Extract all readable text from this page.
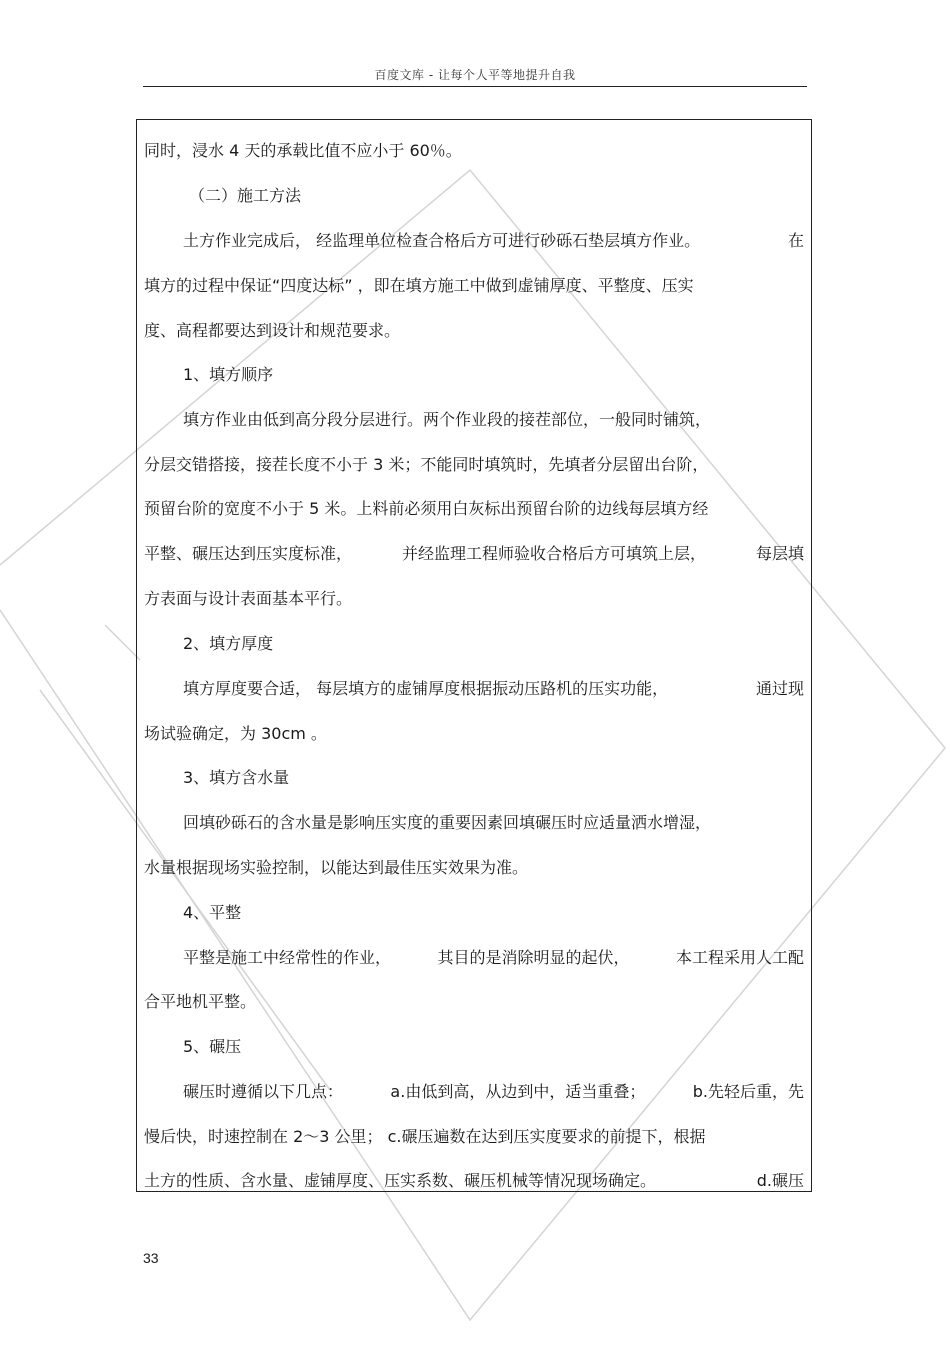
百度文库 - 让每个人平等地提升自我
同时，浸水 4 天的承载比值不应小于 60％。
（二）施工方法
土方作业完成后， 经监理单位检查合格后方可进行砂砾石垫层填方作业。	在
填方的过程中保证“四度达标” ，即在填方施工中做到虚铺厚度、平整度、压实
度、高程都要达到设计和规范要求。
1、填方顺序
填方作业由低到高分段分层进行。两个作业段的接茬部位，一般同时铺筑，
分层交错搭接，接茬长度不小于 3 米；不能同时填筑时，先填者分层留出台阶，
预留台阶的宽度不小于 5 米。上料前必须用白灰标出预留台阶的边线每层填方经
平整、碾压达到压实度标准，	并经监理工程师验收合格后方可填筑上层，	每层填
方表面与设计表面基本平行。
2、填方厚度
填方厚度要合适， 每层填方的虚铺厚度根据振动压路机的压实功能，	通过现
场试验确定，为 30cm 。
3、填方含水量
回填砂砾石的含水量是影响压实度的重要因素回填碾压时应适量洒水增湿，
水量根据现场实验控制，以能达到最佳压实效果为准。
4、平整
平整是施工中经常性的作业，	其目的是消除明显的起伏，	本工程采用人工配
合平地机平整。
5、碾压
碾压时遵循以下几点：	a.由低到高，从边到中，适当重叠；	b.先轻后重，先
慢后快，时速控制在 2～3 公里； c.碾压遍数在达到压实度要求的前提下，根据
土方的性质、含水量、虚铺厚度、压实系数、碾压机械等情况现场确定。	d.碾压
33
